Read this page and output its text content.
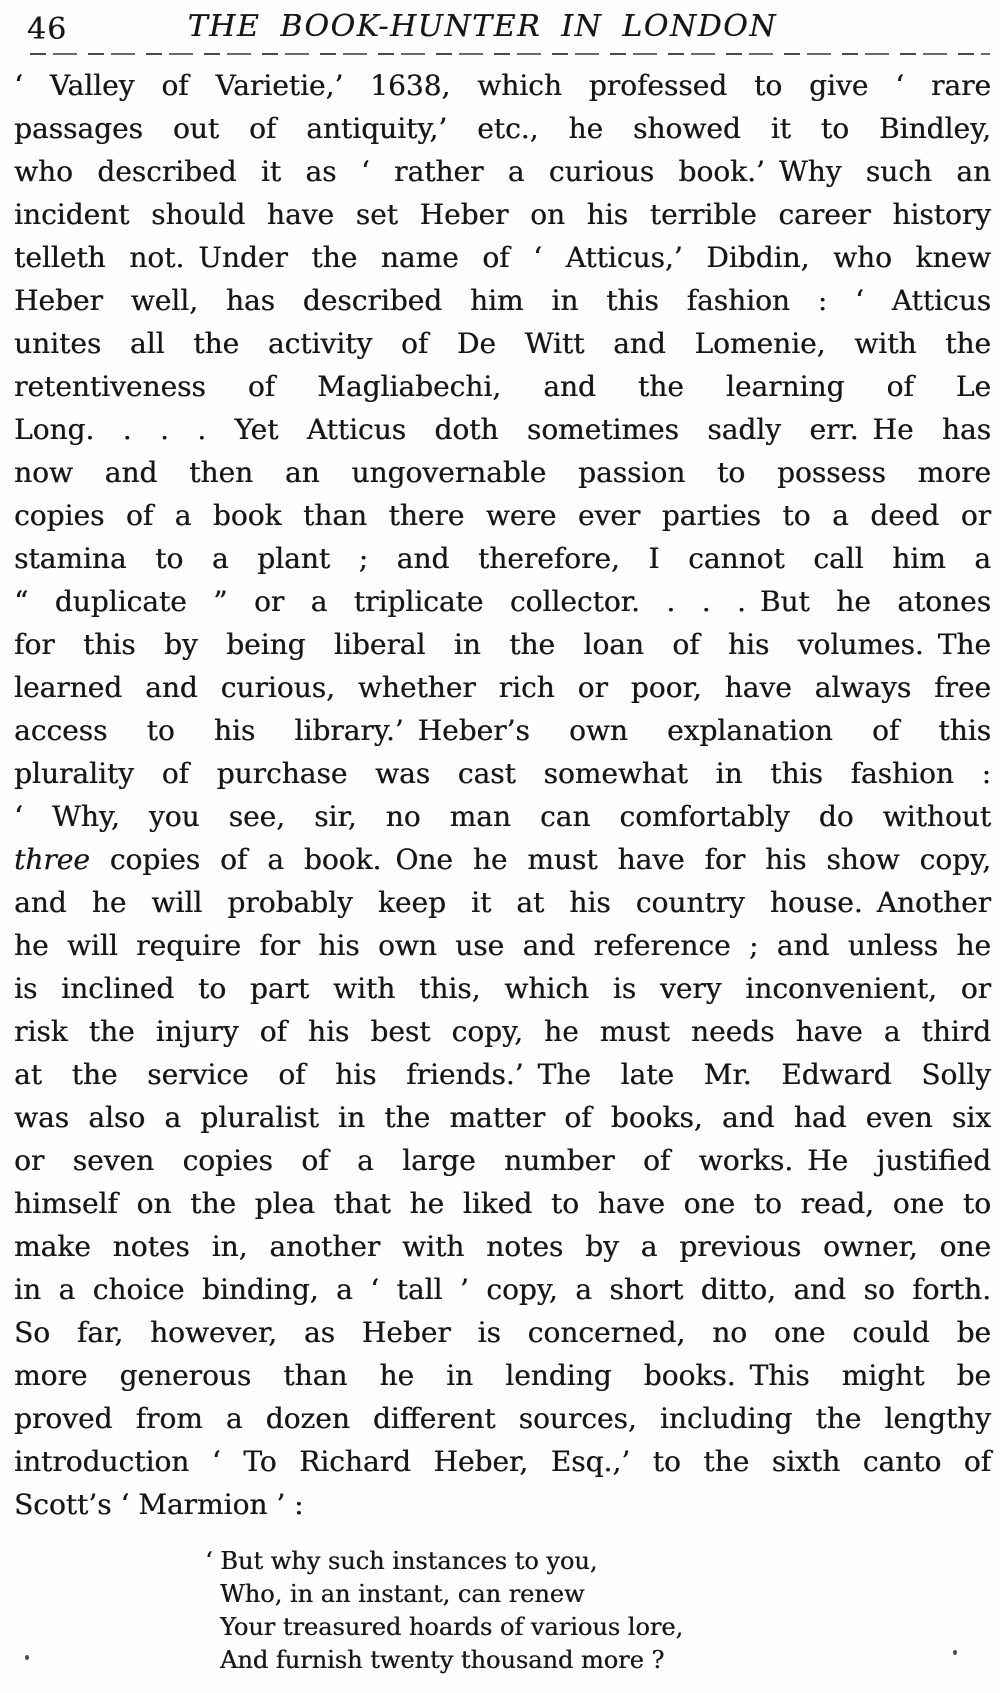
46	THE BOOK-HUNTER IN LONDON
‘ Valley of Varietie,’ 1638, which professed to give ‘ rare
passages out of antiquity,’ etc., he showed it to Bindley,
who described it as ‘ rather a curious book.’ Why such an
incident should have set Heber on his terrible career history
telleth not. Under the name of ‘ Atticus,’ Dibdin, who knew
Heber well, has described him in this fashion : ‘ Atticus
unites all the activity of De Witt and Lomenie, with the
retentiveness of Magliabechi, and the learning of Le
Long. . . . Yet Atticus doth sometimes sadly err. He has
now and then an ungovernable passion to possess more
copies of a book than there were ever parties to a deed or
stamina to a plant ; and therefore, I cannot call him a
“ duplicate ” or a triplicate collector. . . . But he atones
for this by being liberal in the loan of his volumes. The
learned and curious, whether rich or poor, have always free
access to his library.’ Heber’s own explanation of this
plurality of purchase was cast somewhat in this fashion :
‘ Why, you see, sir, no man can comfortably do without
three copies of a book. One he must have for his show copy,
and he will probably keep it at his country house. Another
he will require for his own use and reference ; and unless he
is inclined to part with this, which is very inconvenient, or
risk the injury of his best copy, he must needs have a third
at the service of his friends.’ The late Mr. Edward Solly
was also a pluralist in the matter of books, and had even six
or seven copies of a large number of works. He justified
himself on the plea that he liked to have one to read, one to
make notes in, another with notes by a previous owner, one
in a choice binding, a ‘ tall ’ copy, a short ditto, and so forth.
So far, however, as Heber is concerned, no one could be
more generous than he in lending books. This might be
proved from a dozen different sources, including the lengthy
introduction ‘ To Richard Heber, Esq.,’ to the sixth canto of
Scott’s ‘ Marmion ’ :
‘ But why such instances to you,
Who, in an instant, can renew
Your treasured hoards of various lore,
And furnish twenty thousand more ?
